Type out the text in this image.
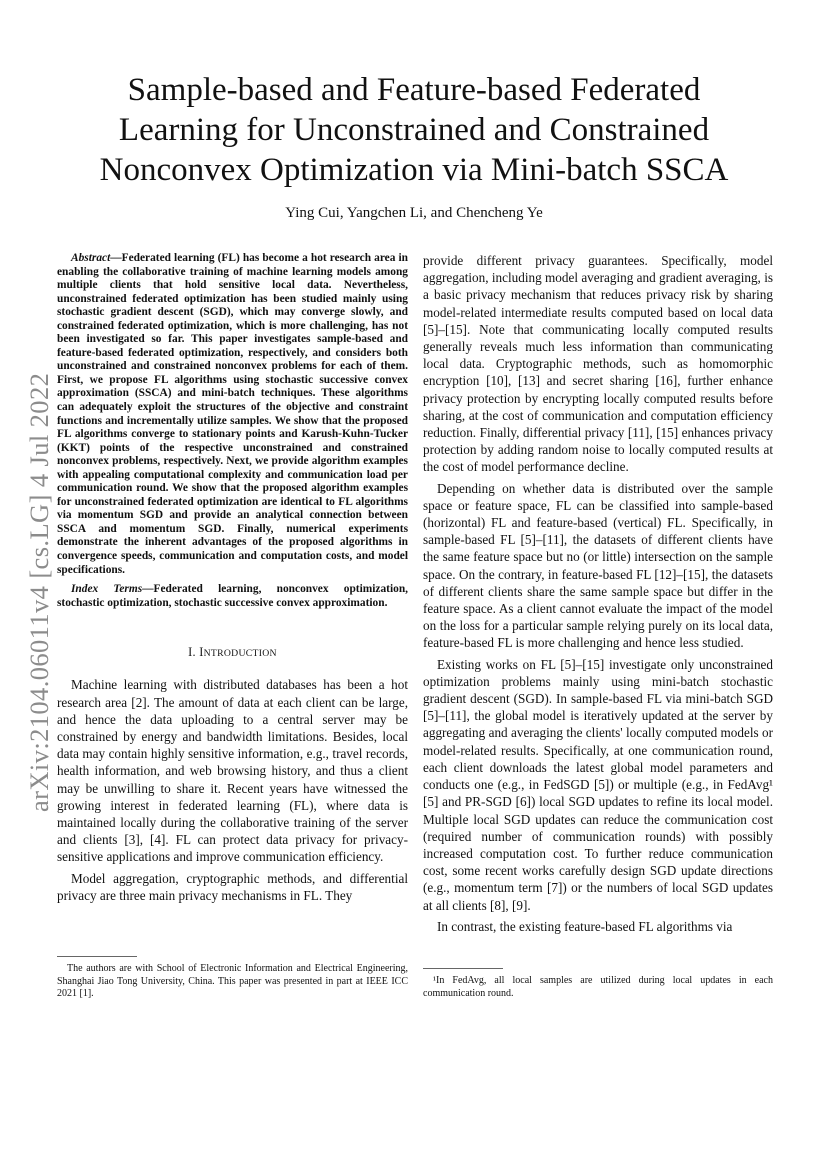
arXiv:2104.06011v4 [cs.LG] 4 Jul 2022
Sample-based and Feature-based Federated
Learning for Unconstrained and Constrained
Nonconvex Optimization via Mini-batch SSCA
Ying Cui, Yangchen Li, and Chencheng Ye

Abstract—Federated learning (FL) has become a hot research area in enabling the collaborative training of machine learning models among multiple clients that hold sensitive local data. Nevertheless, unconstrained federated optimization has been studied mainly using stochastic gradient descent (SGD), which may converge slowly, and constrained federated optimization, which is more challenging, has not been investigated so far. This paper investigates sample-based and feature-based federated optimization, respectively, and considers both unconstrained and constrained nonconvex problems for each of them. First, we propose FL algorithms using stochastic successive convex approximation (SSCA) and mini-batch techniques. These algorithms can adequately exploit the structures of the objective and constraint functions and incrementally utilize samples. We show that the proposed FL algorithms converge to stationary points and Karush-Kuhn-Tucker (KKT) points of the respective unconstrained and constrained nonconvex problems, respectively. Next, we provide algorithm examples with appealing computational complexity and communication load per communication round. We show that the proposed algorithm examples for unconstrained federated optimization are identical to FL algorithms via momentum SGD and provide an analytical connection between SSCA and momentum SGD. Finally, numerical experiments demonstrate the inherent advantages of the proposed algorithms in convergence speeds, communication and computation costs, and model specifications.

Index Terms—Federated learning, nonconvex optimization, stochastic optimization, stochastic successive convex approximation.

I. INTRODUCTION

Machine learning with distributed databases has been a hot research area [2]. The amount of data at each client can be large, and hence the data uploading to a central server may be constrained by energy and bandwidth limitations. Besides, local data may contain highly sensitive information, e.g., travel records, health information, and web browsing history, and thus a client may be unwilling to share it. Recent years have witnessed the growing interest in federated learning (FL), where data is maintained locally during the collaborative training of the server and clients [3], [4]. FL can protect data privacy for privacy-sensitive applications and improve communication efficiency.

Model aggregation, cryptographic methods, and differential privacy are three main privacy mechanisms in FL. They

provide different privacy guarantees. Specifically, model aggregation, including model averaging and gradient averaging, is a basic privacy mechanism that reduces privacy risk by sharing model-related intermediate results computed based on local data [5]–[15]. Note that communicating locally computed results generally reveals much less information than communicating local data. Cryptographic methods, such as homomorphic encryption [10], [13] and secret sharing [16], further enhance privacy protection by encrypting locally computed results before sharing, at the cost of communication and computation efficiency reduction. Finally, differential privacy [11], [15] enhances privacy protection by adding random noise to locally computed results at the cost of model performance decline.

Depending on whether data is distributed over the sample space or feature space, FL can be classified into sample-based (horizontal) FL and feature-based (vertical) FL. Specifically, in sample-based FL [5]–[11], the datasets of different clients have the same feature space but no (or little) intersection on the sample space. On the contrary, in feature-based FL [12]–[15], the datasets of different clients share the same sample space but differ in the feature space. As a client cannot evaluate the impact of the model on the loss for a particular sample relying purely on its local data, feature-based FL is more challenging and hence less studied.

Existing works on FL [5]–[15] investigate only unconstrained optimization problems mainly using mini-batch stochastic gradient descent (SGD). In sample-based FL via mini-batch SGD [5]–[11], the global model is iteratively updated at the server by aggregating and averaging the clients' locally computed models or model-related results. Specifically, at one communication round, each client downloads the latest global model parameters and conducts one (e.g., in FedSGD [5]) or multiple (e.g., in FedAvg¹ [5] and PR-SGD [6]) local SGD updates to refine its local model. Multiple local SGD updates can reduce the communication cost (required number of communication rounds) with possibly increased computation cost. To further reduce communication cost, some recent works carefully design SGD update directions (e.g., momentum term [7]) or the numbers of local SGD updates at all clients [8], [9].

In contrast, the existing feature-based FL algorithms via

The authors are with School of Electronic Information and Electrical Engineering, Shanghai Jiao Tong University, China. This paper was presented in part at IEEE ICC 2021 [1].
¹In FedAvg, all local samples are utilized during local updates in each communication round.
